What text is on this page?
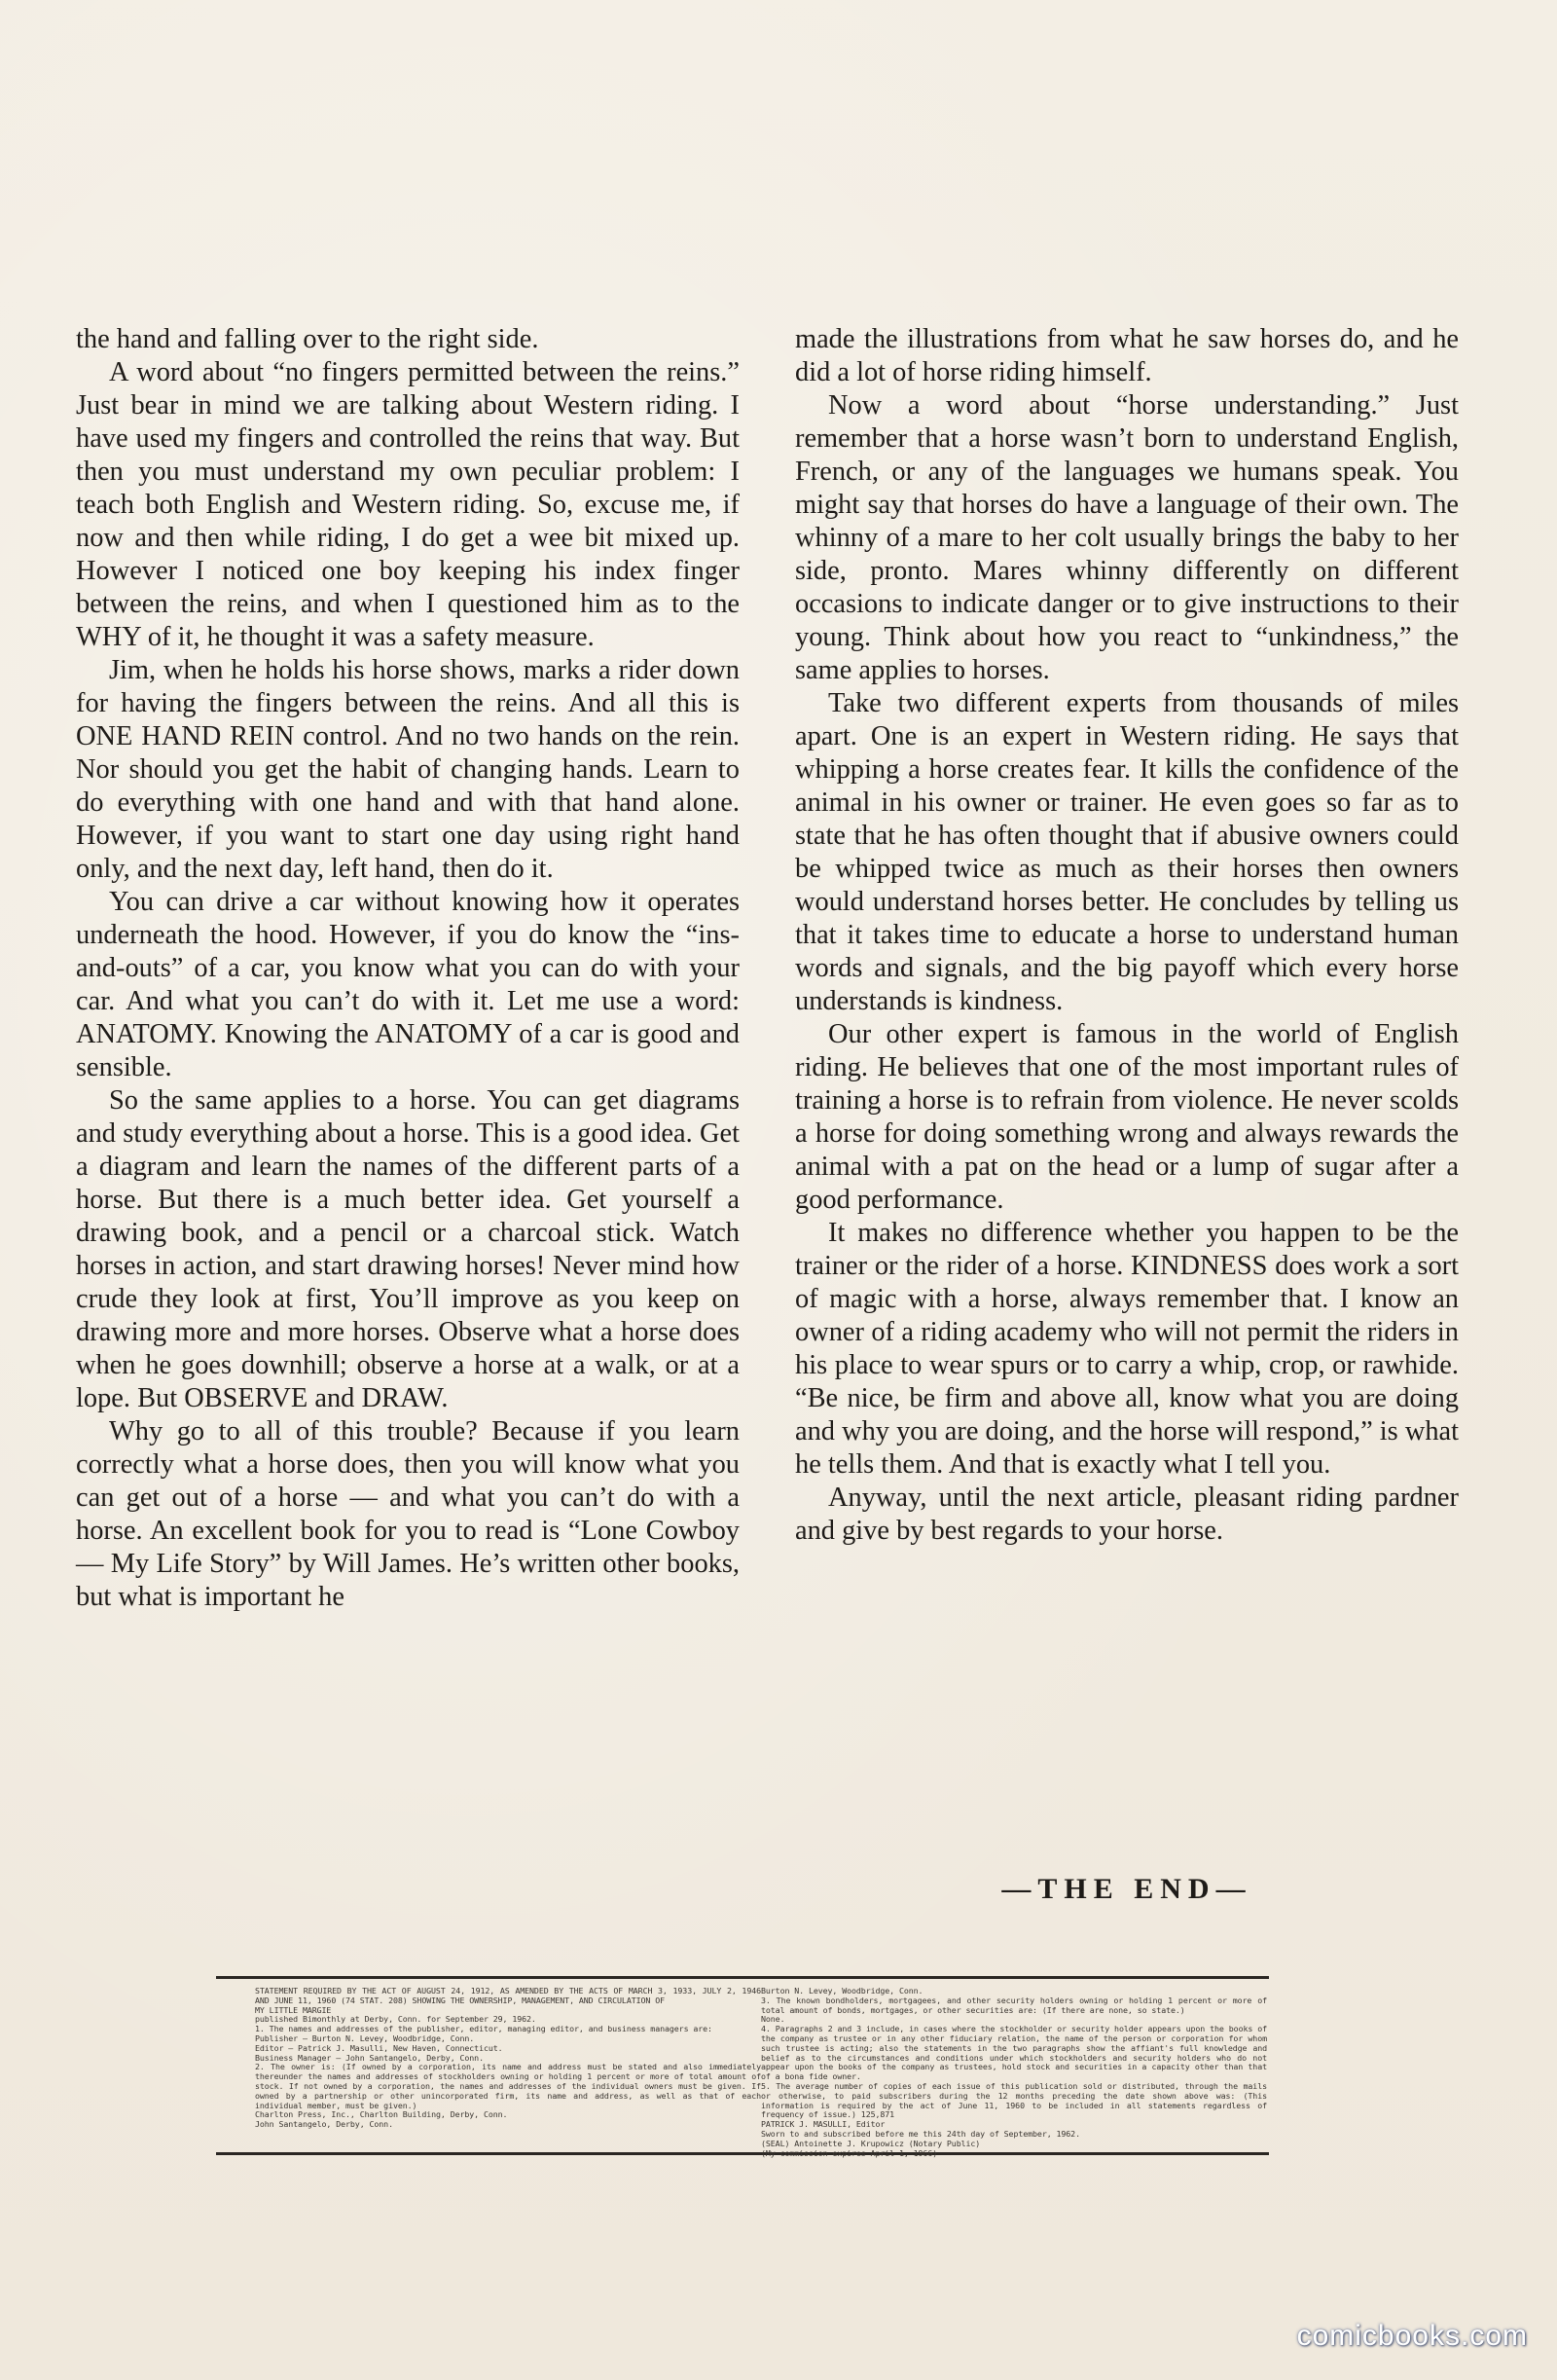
the hand and falling over to the right side.

A word about “no fingers permitted between the reins.” Just bear in mind we are talking about Western riding. I have used my fingers and controlled the reins that way. But then you must understand my own peculiar problem: I teach both English and Western riding. So, excuse me, if now and then while riding, I do get a wee bit mixed up. However I noticed one boy keeping his index finger between the reins, and when I questioned him as to the WHY of it, he thought it was a safety measure.

Jim, when he holds his horse shows, marks a rider down for having the fingers between the reins. And all this is ONE HAND REIN control. And no two hands on the rein. Nor should you get the habit of changing hands. Learn to do everything with one hand and with that hand alone. However, if you want to start one day using right hand only, and the next day, left hand, then do it.

You can drive a car without knowing how it operates underneath the hood. However, if you do know the “ins-and-outs” of a car, you know what you can do with your car. And what you can’t do with it. Let me use a word: ANATOMY. Knowing the ANATOMY of a car is good and sensible.

So the same applies to a horse. You can get diagrams and study everything about a horse. This is a good idea. Get a diagram and learn the names of the different parts of a horse. But there is a much better idea. Get yourself a drawing book, and a pencil or a charcoal stick. Watch horses in action, and start drawing horses! Never mind how crude they look at first, You’ll improve as you keep on drawing more and more horses. Observe what a horse does when he goes downhill; observe a horse at a walk, or at a lope. But OBSERVE and DRAW.

Why go to all of this trouble? Because if you learn correctly what a horse does, then you will know what you can get out of a horse — and what you can’t do with a horse. An excellent book for you to read is “Lone Cowboy — My Life Story” by Will James. He’s written other books, but what is important he

made the illustrations from what he saw horses do, and he did a lot of horse riding himself.

Now a word about “horse understanding.” Just remember that a horse wasn’t born to understand English, French, or any of the languages we humans speak. You might say that horses do have a language of their own. The whinny of a mare to her colt usually brings the baby to her side, pronto. Mares whinny differently on different occasions to indicate danger or to give instructions to their young. Think about how you react to “unkindness,” the same applies to horses.

Take two different experts from thousands of miles apart. One is an expert in Western riding. He says that whipping a horse creates fear. It kills the confidence of the animal in his owner or trainer. He even goes so far as to state that he has often thought that if abusive owners could be whipped twice as much as their horses then owners would understand horses better. He concludes by telling us that it takes time to educate a horse to understand human words and signals, and the big payoff which every horse understands is kindness.

Our other expert is famous in the world of English riding. He believes that one of the most important rules of training a horse is to refrain from violence. He never scolds a horse for doing something wrong and always rewards the animal with a pat on the head or a lump of sugar after a good performance.

It makes no difference whether you happen to be the trainer or the rider of a horse. KINDNESS does work a sort of magic with a horse, always remember that. I know an owner of a riding academy who will not permit the riders in his place to wear spurs or to carry a whip, crop, or rawhide. “Be nice, be firm and above all, know what you are doing and why you are doing, and the horse will respond,” is what he tells them. And that is exactly what I tell you.

Anyway, until the next article, pleasant riding pardner and give by best regards to your horse.

—THE END—
STATEMENT REQUIRED BY THE ACT OF AUGUST 24, 1912, AS AMENDED BY THE ACTS OF MARCH 3, 1933, JULY 2, 1946 AND JUNE 11, 1960 (74 STAT. 208) SHOWING THE OWNERSHIP, MANAGEMENT, AND CIRCULATION OF
MY LITTLE MARGIE
published Bimonthly at Derby, Conn. for September 29, 1962.
1. The names and addresses of the publisher, editor, managing editor, and business managers are:
Publisher — Burton N. Levey, Woodbridge, Conn.
Editor — Patrick J. Masulli, New Haven, Connecticut.
Business Manager — John Santangelo, Derby, Conn.
2. The owner is: (If owned by a corporation, its name and address must be stated and also immediately thereunder the names and addresses of stockholders owning or holding 1 percent or more of total amount of stock. If not owned by a corporation, the names and addresses of the individual owners must be given. If owned by a partnership or other unincorporated firm, its name and address, as well as that of each individual member, must be given.)
Charlton Press, Inc., Charlton Building, Derby, Conn.
John Santangelo, Derby, Conn.
Burton N. Levey, Woodbridge, Conn.
3. The known bondholders, mortgagees, and other security holders owning or holding 1 percent or more of total amount of bonds, mortgages, or other securities are: (If there are none, so state.)
None.
4. Paragraphs 2 and 3 include, in cases where the stockholder or security holder appears upon the books of the company as trustee or in any other fiduciary relation, the name of the person or corporation for whom such trustee is acting; also the statements in the two paragraphs show the affiant's full knowledge and belief as to the circumstances and conditions under which stockholders and security holders who do not appear upon the books of the company as trustees, hold stock and securities in a capacity other than that of a bona fide owner.
5. The average number of copies of each issue of this publication sold or distributed, through the mails or otherwise, to paid subscribers during the 12 months preceding the date shown above was: (This information is required by the act of June 11, 1960 to be included in all statements regardless of frequency of issue.) 125,871
PATRICK J. MASULLI, Editor
Sworn to and subscribed before me this 24th day of September, 1962.
(SEAL) Antoinette J. Krupowicz (Notary Public)
(My commission expires April 1, 1966)
comicbooks.com
